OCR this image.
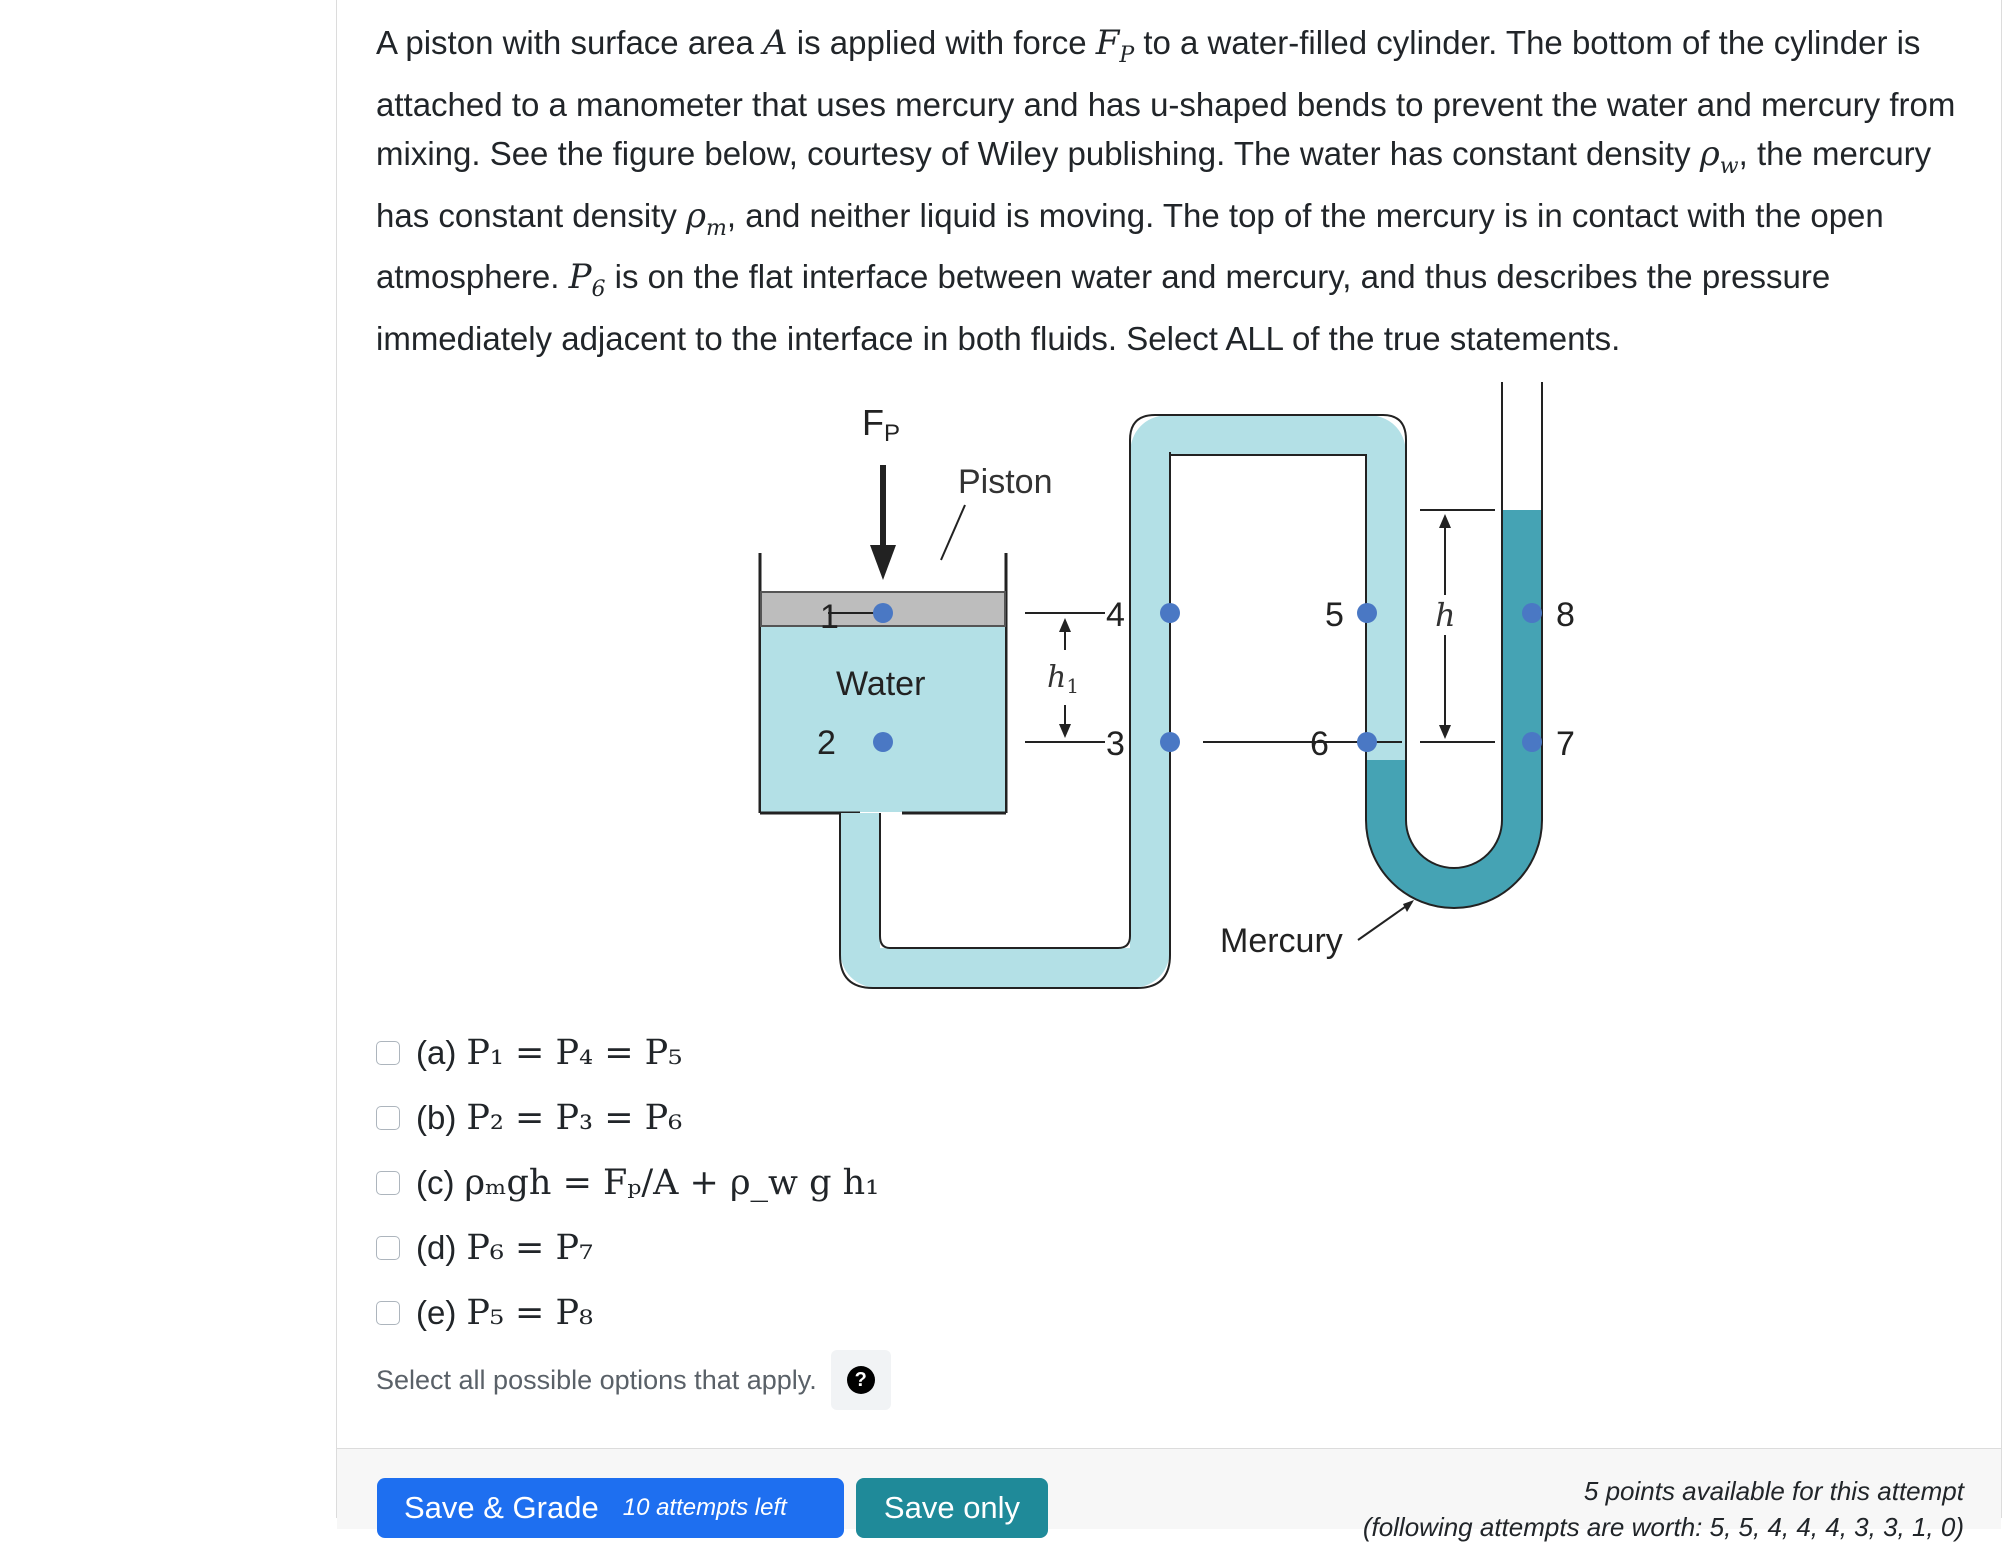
A piston with surface area A is applied with force $F_P$ to a water-filled cylinder. The bottom of the cylinder is attached to a manometer that uses mercury and has u-shaped bends to prevent the water and mercury from mixing. See the figure below, courtesy of Wiley publishing. The water has constant density $\rho_w$, the mercury has constant density $\rho_m$, and neither liquid is moving. The top of the mercury is in contact with the open atmosphere. $P_6$ is on the flat interface between water and mercury, and thus describes the pressure immediately adjacent to the interface in both fluids. Select ALL of the true statements.
FP
Piston
Water
1
2
$h_1$
4
3
5
6
h	8
7
Mercury
(a) P₁ = P₄ = P₅
(b) P₂ = P₃ = P₆
(c) ρₘgh = Fₚ/A + ρ_w g h₁
(d) P₆ = P₇
(e) P₅ = P₈
Select all possible options that apply.	?
Save & Grade 10 attempts left	Save only	5 points available for this attempt
(following attempts are worth: 5, 5, 4, 4, 4, 3, 3, 1, 0)
